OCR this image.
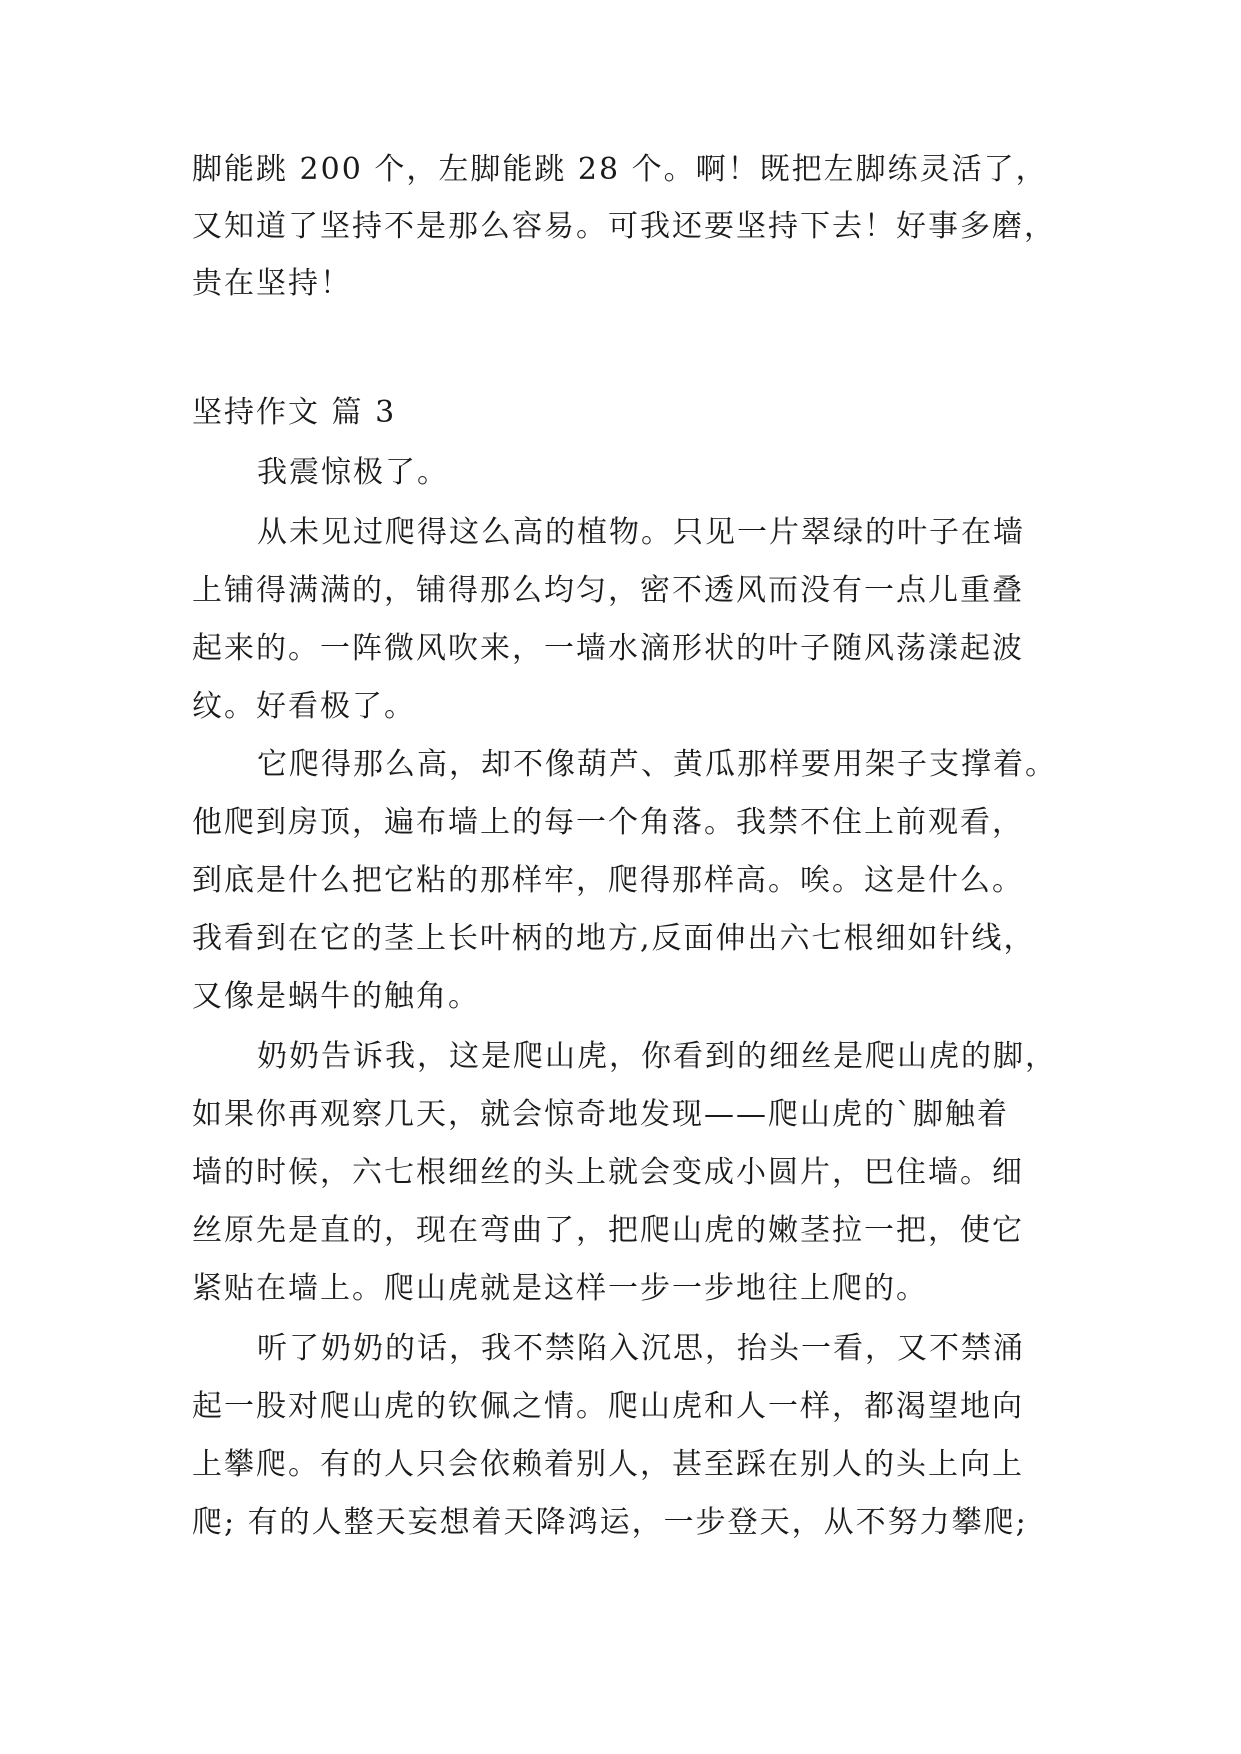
脚能跳 200 个，左脚能跳 28 个。啊！既把左脚练灵活了，
又知道了坚持不是那么容易。可我还要坚持下去！好事多磨，
贵在坚持！
坚持作文 篇 3
我震惊极了。
从未见过爬得这么高的植物。只见一片翠绿的叶子在墙
上铺得满满的，铺得那么均匀，密不透风而没有一点儿重叠
起来的。一阵微风吹来，一墙水滴形状的叶子随风荡漾起波
纹。好看极了。
它爬得那么高，却不像葫芦、黄瓜那样要用架子支撑着。
他爬到房顶，遍布墙上的每一个角落。我禁不住上前观看，
到底是什么把它粘的那样牢，爬得那样高。唉。这是什么。
我看到在它的茎上长叶柄的地方,反面伸出六七根细如针线，
又像是蜗牛的触角。
奶奶告诉我，这是爬山虎，你看到的细丝是爬山虎的脚，
如果你再观察几天，就会惊奇地发现——爬山虎的`脚触着
墙的时候，六七根细丝的头上就会变成小圆片，巴住墙。细
丝原先是直的，现在弯曲了，把爬山虎的嫩茎拉一把，使它
紧贴在墙上。爬山虎就是这样一步一步地往上爬的。
听了奶奶的话，我不禁陷入沉思，抬头一看，又不禁涌
起一股对爬山虎的钦佩之情。爬山虎和人一样，都渴望地向
上攀爬。有的人只会依赖着别人，甚至踩在别人的头上向上
爬; 有的人整天妄想着天降鸿运，一步登天，从不努力攀爬;
